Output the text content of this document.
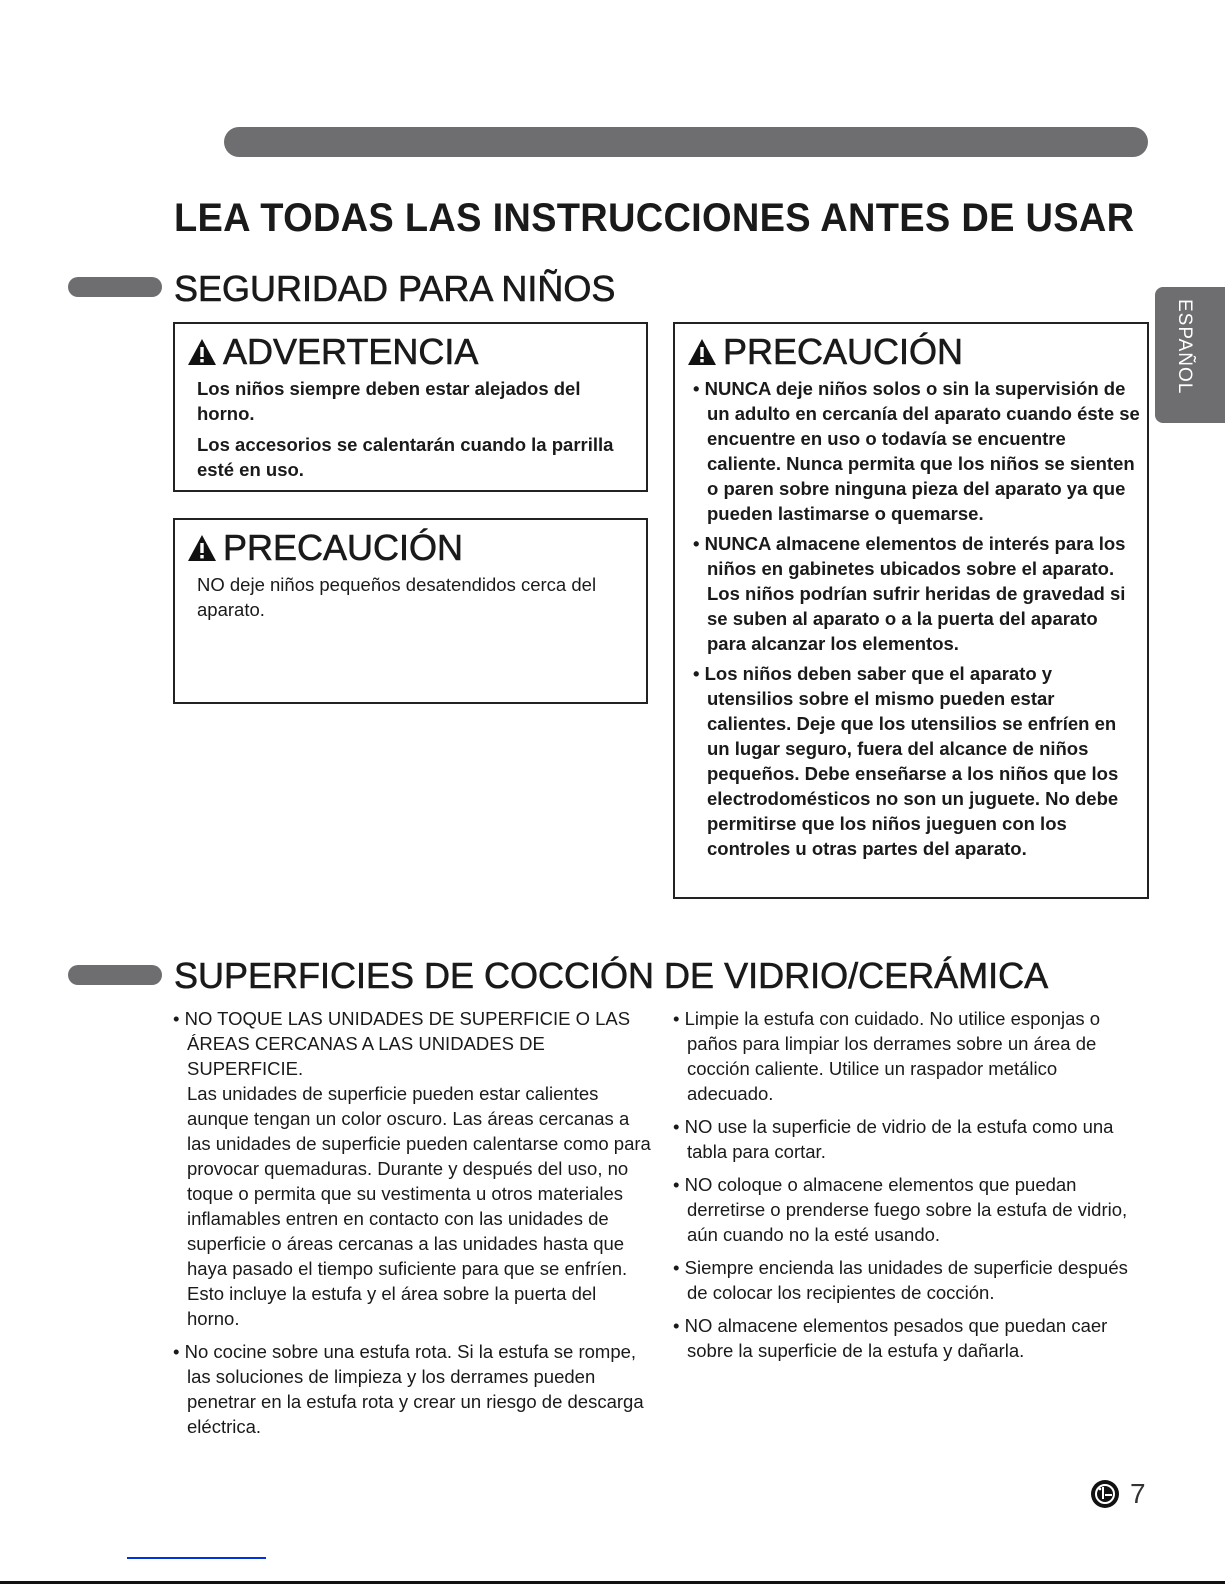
LEA TODAS LAS INSTRUCCIONES ANTES DE USAR
ESPAÑOL
SEGURIDAD PARA NIÑOS
ADVERTENCIA

Los niños siempre deben estar alejados del horno.

Los accesorios se calentarán cuando la parrilla esté en uso.

PRECAUCIÓN

NO deje niños pequeños desatendidos cerca del aparato.

PRECAUCIÓN
• NUNCA deje niños solos o sin la supervisión de un adulto en cercanía del aparato cuando éste se encuentre en uso o todavía se encuentre caliente. Nunca permita que los niños se sienten o paren sobre ninguna pieza del aparato ya que pueden lastimarse o quemarse.
• NUNCA almacene elementos de interés para los niños en gabinetes ubicados sobre el aparato. Los niños podrían sufrir heridas de gravedad si se suben al aparato o a la puerta del aparato para alcanzar los elementos.
• Los niños deben saber que el aparato y utensilios sobre el mismo pueden estar calientes. Deje que los utensilios se enfríen en un lugar seguro, fuera del alcance de niños pequeños. Debe enseñarse a los niños que los electrodomésticos no son un juguete. No debe permitirse que los niños jueguen con los controles u otras partes del aparato.
SUPERFICIES DE COCCIÓN DE VIDRIO/CERÁMICA
• NO TOQUE LAS UNIDADES DE SUPERFICIE O LAS ÁREAS CERCANAS A LAS UNIDADES DE SUPERFICIE.
Las unidades de superficie pueden estar calientes aunque tengan un color oscuro. Las áreas cercanas a las unidades de superficie pueden calentarse como para provocar quemaduras. Durante y después del uso, no toque o permita que su vestimenta u otros materiales inflamables entren en contacto con las unidades de superficie o áreas cercanas a las unidades hasta que haya pasado el tiempo suficiente para que se enfríen. Esto incluye la estufa y el área sobre la puerta del horno.
• No cocine sobre una estufa rota. Si la estufa se rompe, las soluciones de limpieza y los derrames pueden penetrar en la estufa rota y crear un riesgo de descarga eléctrica.
• Limpie la estufa con cuidado. No utilice esponjas o paños para limpiar los derrames sobre un área de cocción caliente. Utilice un raspador metálico adecuado.
• NO use la superficie de vidrio de la estufa como una tabla para cortar.
• NO coloque o almacene elementos que puedan derretirse o prenderse fuego sobre la estufa de vidrio, aún cuando no la esté usando.
• Siempre encienda las unidades de superficie después de colocar los recipientes de cocción.
• NO almacene elementos pesados que puedan caer sobre la superficie de la estufa y dañarla.
7
